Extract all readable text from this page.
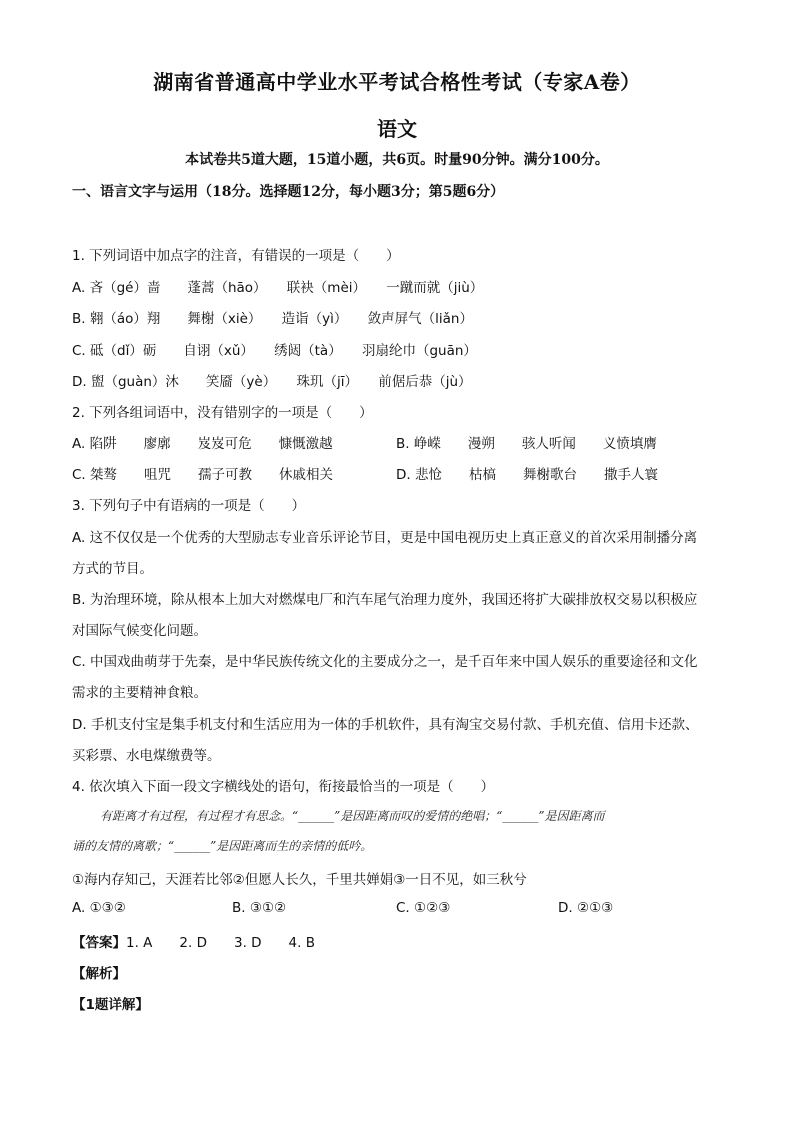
湖南省普通高中学业水平考试合格性考试（专家A卷）
语文
本试卷共5道大题，15道小题，共6页。时量90分钟。满分100分。
一、语言文字与运用（18分。选择题12分，每小题3分；第5题6分）
1. 下列词语中加点字的注音，有错误的一项是（　　）
A. 吝（gé）啬　　蓬蒿（hāo）　　联袂（mèi）　　一蹴而就（jiù）
B. 翱（áo）翔　　舞榭（xiè）　　造诣（yì）　　敛声屏气（liǎn）
C. 砥（dǐ）砺　　自诩（xǔ）　　绣闼（tà）　　羽扇纶巾（guān）
D. 盥（guàn）沐　　笑靥（yè）　　珠玑（jī）　　前倨后恭（jù）
2. 下列各组词语中，没有错别字的一项是（　　）
A. 陷阱　　廖廓　　岌岌可危　　慷慨激越	B. 峥嵘　　漫朔　　骇人听闻　　义愤填膺
C. 桀骜　　咀咒　　孺子可教　　休戚相关	D. 悲怆　　枯槁　　舞榭歌台　　撒手人寰
3. 下列句子中有语病的一项是（　　）
A. 这不仅仅是一个优秀的大型励志专业音乐评论节目，更是中国电视历史上真正意义的首次采用制播分离
方式的节目。
B. 为治理环境，除从根本上加大对燃煤电厂和汽车尾气治理力度外，我国还将扩大碳排放权交易以积极应
对国际气候变化问题。
C. 中国戏曲萌芽于先秦，是中华民族传统文化的主要成分之一，是千百年来中国人娱乐的重要途径和文化
需求的主要精神食粮。
D. 手机支付宝是集手机支付和生活应用为一体的手机软件，具有淘宝交易付款、手机充值、信用卡还款、
买彩票、水电煤缴费等。
4. 依次填入下面一段文字横线处的语句，衔接最恰当的一项是（　　）
有距离才有过程，有过程才有思念。“______”是因距离而叹的爱情的绝唱；“______”是因距离而
诵的友情的离歌；“______”是因距离而生的亲情的低吟。
①海内存知己，天涯若比邻②但愿人长久，千里共婵娟③一日不见，如三秋兮
A. ①③②	B. ③①②	C. ①②③	D. ②①③
【答案】1. A　　2. D　　3. D　　4. B
【解析】
【1题详解】
